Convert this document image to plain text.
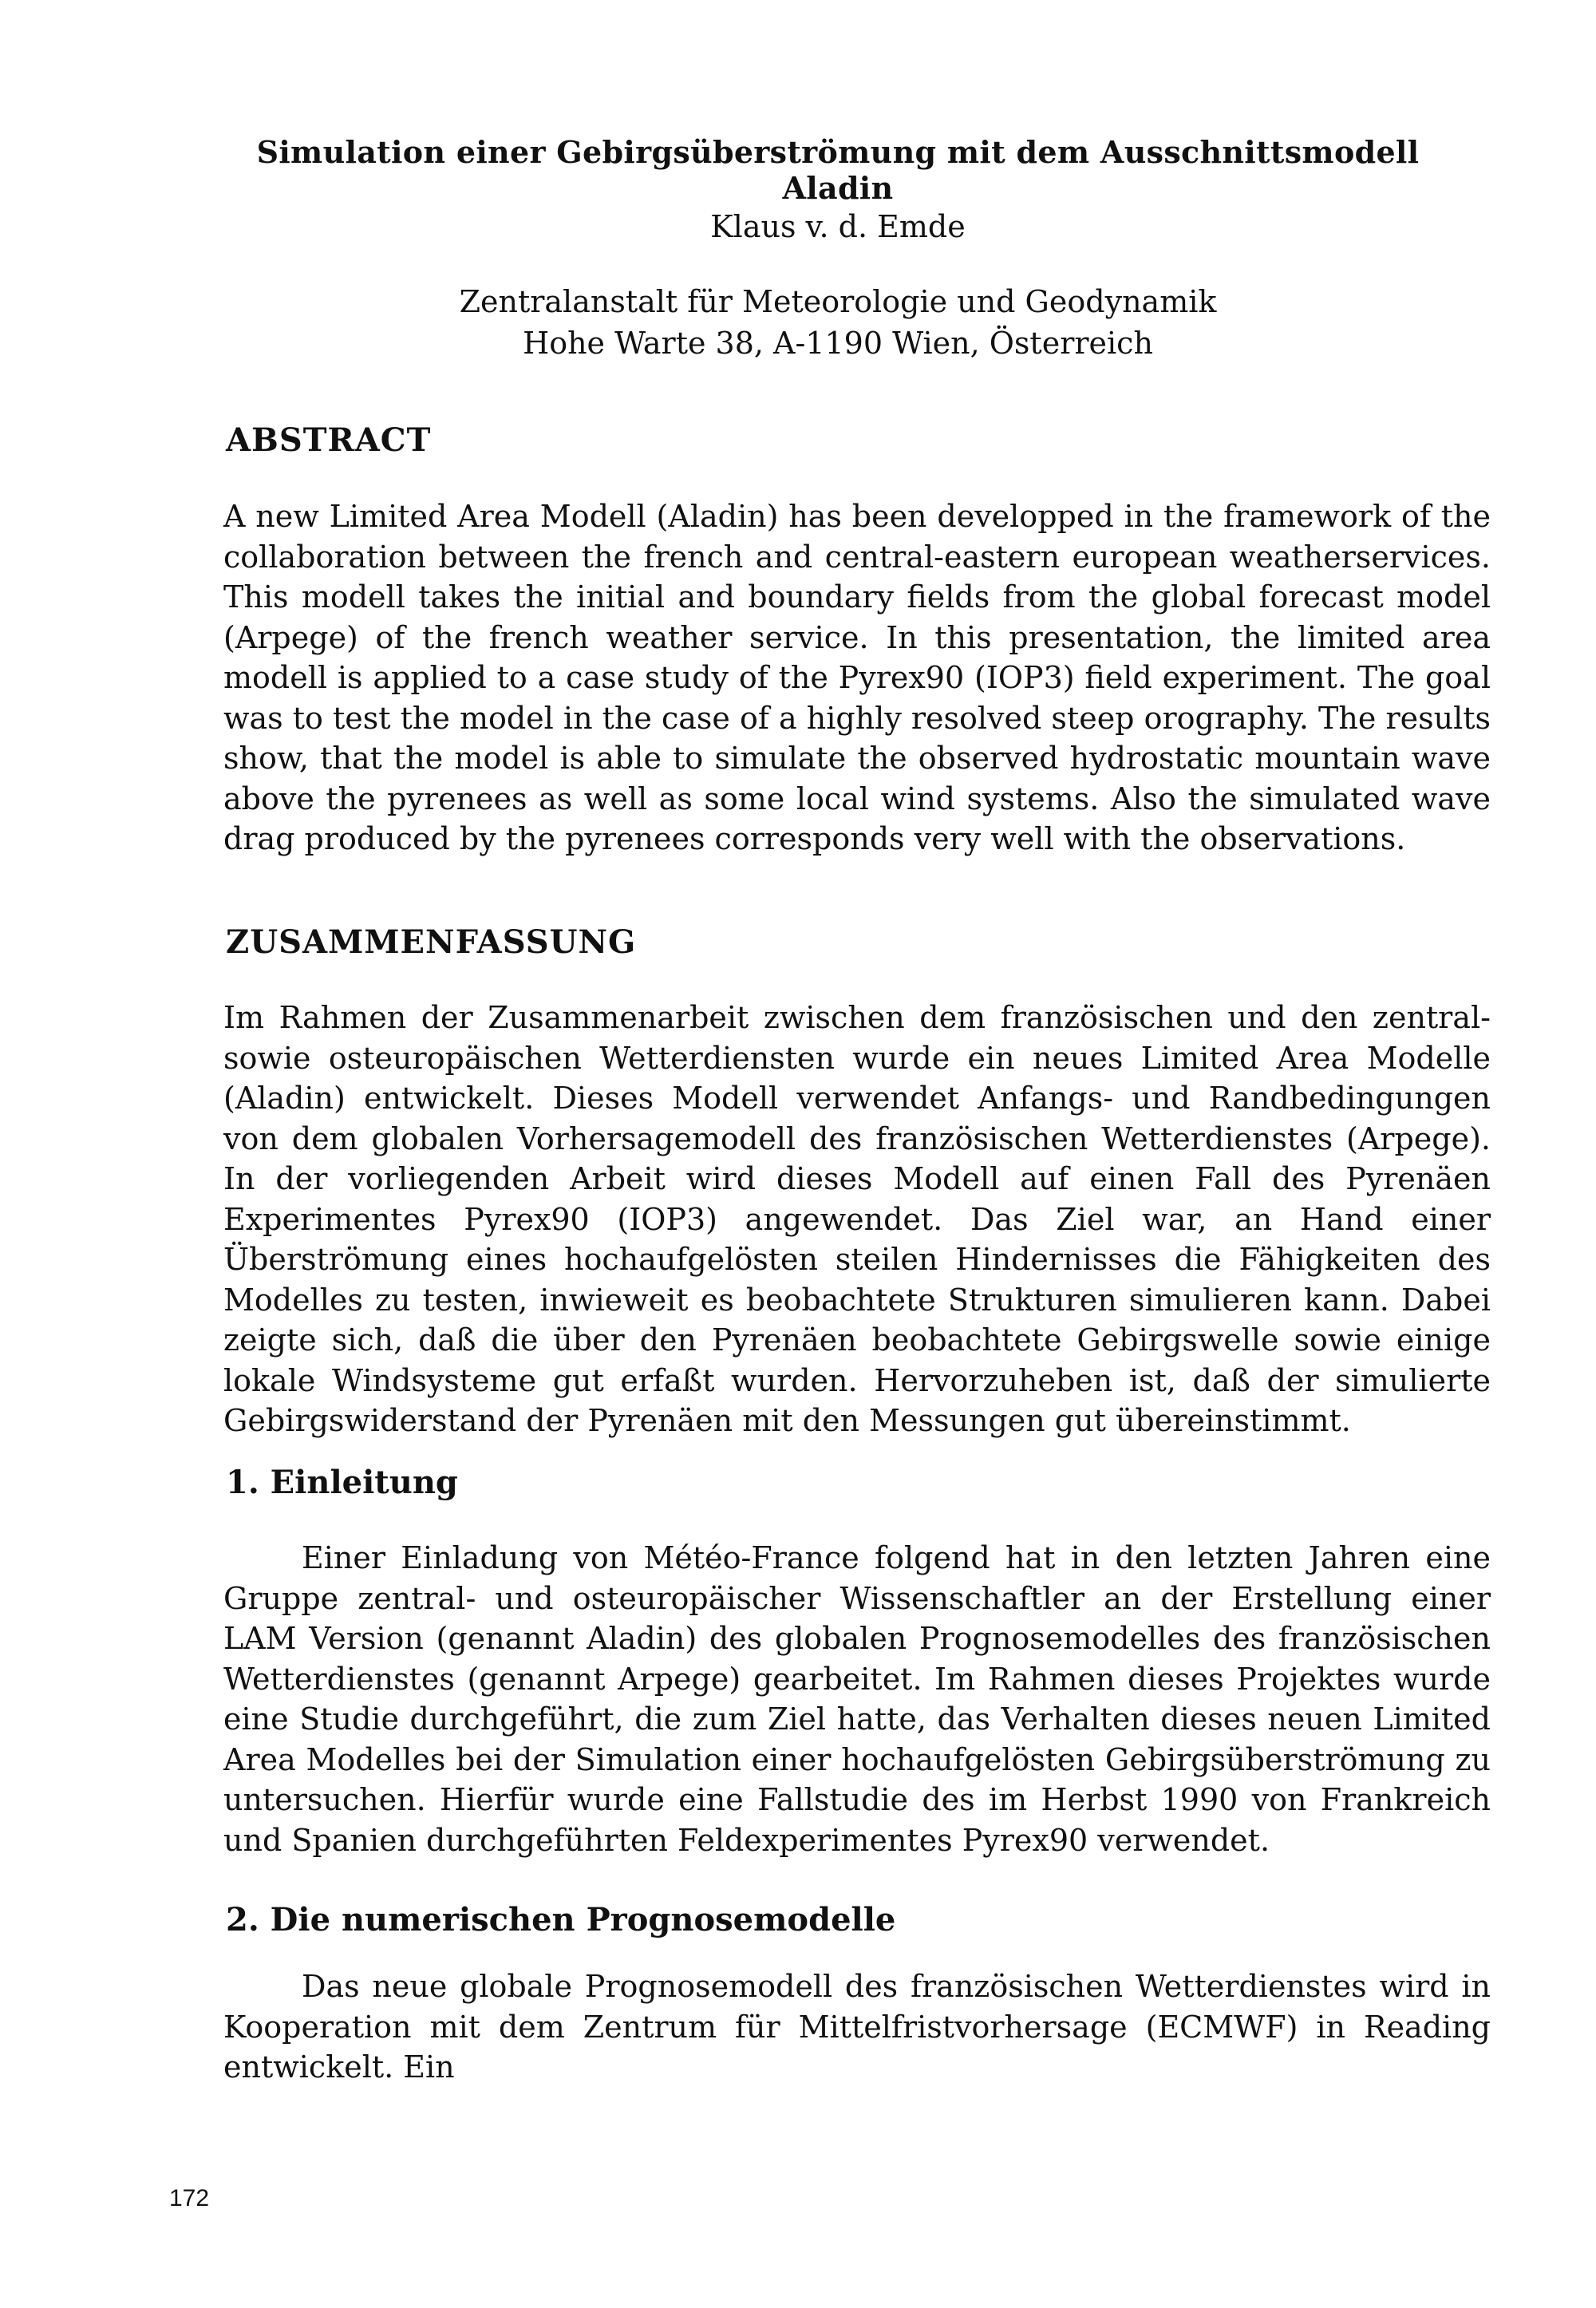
Simulation einer Gebirgsüberströmung mit dem Ausschnittsmodell Aladin
Klaus v. d. Emde
Zentralanstalt für Meteorologie und Geodynamik
Hohe Warte 38, A-1190 Wien, Österreich
ABSTRACT

A new Limited Area Modell (Aladin) has been developped in the framework of the collaboration between the french and central-eastern european weatherservices. This modell takes the initial and boundary fields from the global forecast model (Arpege) of the french weather service. In this presentation, the limited area modell is applied to a case study of the Pyrex90 (IOP3) field experiment. The goal was to test the model in the case of a highly resolved steep orography. The results show, that the model is able to simulate the observed hydrostatic mountain wave above the pyrenees as well as some local wind systems. Also the simulated wave drag produced by the pyrenees corresponds very well with the observations.

ZUSAMMENFASSUNG

Im Rahmen der Zusammenarbeit zwischen dem französischen und den zentral- sowie osteuropäischen Wetterdiensten wurde ein neues Limited Area Modelle (Aladin) entwickelt. Dieses Modell verwendet Anfangs- und Randbedingungen von dem globalen Vorhersagemodell des französischen Wetterdienstes (Arpege). In der vorliegenden Arbeit wird dieses Modell auf einen Fall des Pyrenäen Experimentes Pyrex90 (IOP3) angewendet. Das Ziel war, an Hand einer Überströmung eines hochaufgelösten steilen Hindernisses die Fähigkeiten des Modelles zu testen, inwieweit es beobachtete Strukturen simulieren kann. Dabei zeigte sich, daß die über den Pyrenäen beobachtete Gebirgswelle sowie einige lokale Windsysteme gut erfaßt wurden. Hervorzuheben ist, daß der simulierte Gebirgswiderstand der Pyrenäen mit den Messungen gut übereinstimmt.

1. Einleitung

Einer Einladung von Météo-France folgend hat in den letzten Jahren eine Gruppe zentral- und osteuropäischer Wissenschaftler an der Erstellung einer LAM Version (genannt Aladin) des globalen Prognosemodelles des französischen Wetterdienstes (genannt Arpege) gearbeitet. Im Rahmen dieses Projektes wurde eine Studie durchgeführt, die zum Ziel hatte, das Verhalten dieses neuen Limited Area Modelles bei der Simulation einer hochaufgelösten Gebirgsüberströmung zu untersuchen. Hierfür wurde eine Fallstudie des im Herbst 1990 von Frankreich und Spanien durchgeführten Feldexperimentes Pyrex90 verwendet.

2. Die numerischen Prognosemodelle

Das neue globale Prognosemodell des französischen Wetterdienstes wird in Kooperation mit dem Zentrum für Mittelfristvorhersage (ECMWF) in Reading entwickelt. Ein

172
